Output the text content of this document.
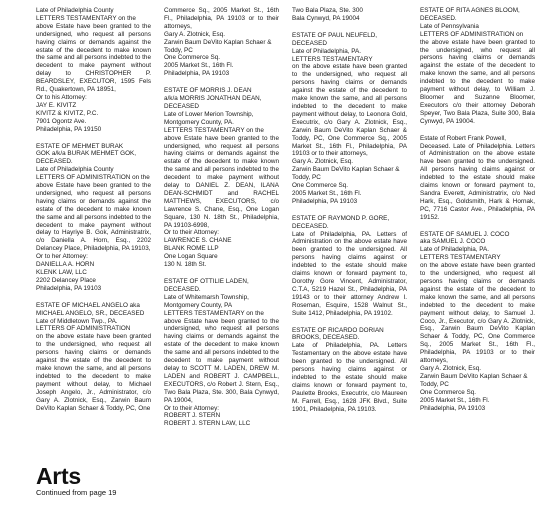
Late of Philadelphia County
LETTERS TESTAMENTARY on the
above Estate have been granted to the undersigned, who request all persons having claims or demands against the estate of the decedent to make known the same and all persons indebted to the decedent to make payment without delay to CHRISTOPHER P. BEARDSLEY, EXECUTOR, 1595 Fels Rd., Quakertown, PA 18951,
Or to his Attorney:
JAY E. KIVITZ
KIVITZ & KIVITZ, P.C.
7901 Ogontz Ave.
Philadelphia, PA 19150
ESTATE OF MEHMET BURAK
GOK a/k/a BURAK MEHMET GOK,
DECEASED.
Late of Philadelphia County
LETTERS OF ADMINISTRATION on the
above Estate have been granted to the undersigned, who request all persons having claims or demands against the estate of the decedent to make known the same and all persons indebted to the decedent to make payment without delay to Hayriye B. Gok, Administratrix, c/o Daniella A. Horn, Esq., 2202 Delancey Place, Philadelphia, PA 19103,
Or to her Attorney:
DANIELLA A. HORN
KLENK LAW, LLC
2202 Delancey Place
Philadelphia, PA 19103
ESTATE OF MICHAEL ANGELO aka
MICHAEL ANGELO, SR., DECEASED
Late of Middletown Twp., PA.
LETTERS OF ADMINISTRATION
on the above estate have been granted to the undersigned, who request all persons having claims or demands against the estate of the decedent to make known the same, and all persons indebted to the decedent to make payment without delay, to Michael Joseph Angelo, Jr., Administrator, c/o Gary A. Zlotnick, Esq., Zarwin Baum DeVito Kaplan Schaer & Toddy, PC, One
Commerce Sq., 2005 Market St., 16th Fl., Philadelphia, PA 19103 or to their attorneys,
Gary A. Zlotnick, Esq.
Zarwin Baum DeVito Kaplan Schaer &
Toddy, PC
One Commerce Sq.
2005 Market St., 16th Fl.
Philadelphia, PA 19103
ESTATE OF MORRIS J. DEAN
a/k/a MORRIS JONATHAN DEAN,
DECEASED
Late of Lower Merion Township,
Montgomery County, PA.
LETTERS TESTAMENTARY on the
above Estate have been granted to the undersigned, who request all persons having claims or demands against the estate of the decedent to make known the same and all persons indebted to the decedent to make payment without delay to DANIEL Z. DEAN, ILANA DEAN-SCHMIDT and RACHEL MATTHEWS, EXECUTORS, c/o Lawrence S. Chane, Esq., One Logan Square, 130 N. 18th St., Philadelphia, PA 19103-6998,
Or to their Attorney:
LAWRENCE S. CHANE
BLANK ROME LLP
One Logan Square
130 N. 18th St.
ESTATE OF OTTILIE LADEN,
DECEASED.
Late of Whitemarsh Township,
Montgomery County, PA
LETTERS TESTAMENTARY on the
above Estate have been granted to the undersigned, who request all persons having claims or demands against the estate of the decedent to make known the same and all persons indebted to the decedent to make payment without delay to SCOTT M. LADEN, DREW M. LADEN and ROBERT J. CAMPBELL, EXECUTORS, c/o Robert J. Stern, Esq., Two Bala Plaza, Ste. 300, Bala Cynwyd, PA 19004,
Or to their Attorney:
ROBERT J. STERN
ROBERT J. STERN LAW, LLC
Two Bala Plaza, Ste. 300
Bala Cynwyd, PA 19004
ESTATE OF PAUL NEUFELD,
DECEASED
Late of Philadelphia, PA.
LETTERS TESTAMENTARY
on the above estate have been granted to the undersigned, who request all persons having claims or demands against the estate of the decedent to make known the same, and all persons indebted to the decedent to make payment without delay, to Leonora Gold, Executrix, c/o Gary A. Zlotnick, Esq., Zarwin Baum DeVito Kaplan Schaer & Toddy, PC, One Commerce Sq., 2005 Market St., 16th Fl., Philadelphia, PA 19103 or to their attorneys,
Gary A. Zlotnick, Esq.
Zarwin Baum DeVito Kaplan Schaer &
Toddy, PC
One Commerce Sq.
2005 Market St., 16th Fl.
Philadelphia, PA 19103
ESTATE OF RAYMOND P. GORE,
DECEASED.
Late of Philadelphia, PA. Letters of Administration on the above estate have been granted to the undersigned. All persons having claims against or indebted to the estate should make claims known or forward payment to, Dorothy Gore Vincent, Administrator, C.T.A, 5219 Hazel St., Philadelphia, PA 19143 or to their attorney Andrew I. Roseman, Esquire, 1528 Walnut St., Suite 1412, Philadelphia, PA 19102.
ESTATE OF RICARDO DORIAN
BROOKS, DECEASED.
Late of Philadelphia, PA. Letters Testamentary on the above estate have been granted to the undersigned. All persons having claims against or indebted to the estate should make claims known or forward payment to, Paulette Brooks, Executrix, c/o Maureen M. Farrell, Esq., 1628 JFK Blvd., Suite 1901, Philadelphia, PA 19103.
ESTATE OF RITA AGNES BLOOM,
DECEASED.
Late of Pennsylvania
LETTERS OF ADMINISTRATION on
the above estate have been granted to the undersigned, who request all persons having claims or demands against the estate of the decedent to make known the same, and all persons indebted to the decedent to make payment without delay, to William J. Bloomer and Suzanne Bloomer, Executors c/o their attorney Deborah Speyer, Two Bala Plaza, Suite 300, Bala Cynwyd, PA 19004.
Estate of Robert Frank Powell,
Deceased. Late of Philadelphia. Letters of Administration on the above estate have been granted to the undersigned. All persons having claims against or indebted to the estate should make claims known or forward payment to, Sandra Everett, Administratrix, c/o Ned Hark, Esq., Goldsmith, Hark & Hornak, PC, 7716 Castor Ave., Philadelphia, PA 19152.
ESTATE OF SAMUEL J. COCO
aka SAMUEL J. COCO
Late of Philadelphia, PA.
LETTERS TESTAMENTARY
on the above estate have been granted to the undersigned, who request all persons having claims or demands against the estate of the decedent to make known the same, and all persons indebted to the decedent to make payment without delay, to Samuel J. Coco, Jr., Executor, c/o Gary A. Zlotnick, Esq., Zarwin Baum DeVito Kaplan Schaer & Toddy, PC, One Commerce Sq., 2005 Market St., 16th Fl., Philadelphia, PA 19103 or to their attorneys,
Gary A. Zlotnick, Esq.
Zarwin Baum DeVito Kaplan Schaer &
Toddy, PC
One Commerce Sq.
2005 Market St., 16th Fl.
Philadelphia, PA 19103
Arts
Continued from page 19
